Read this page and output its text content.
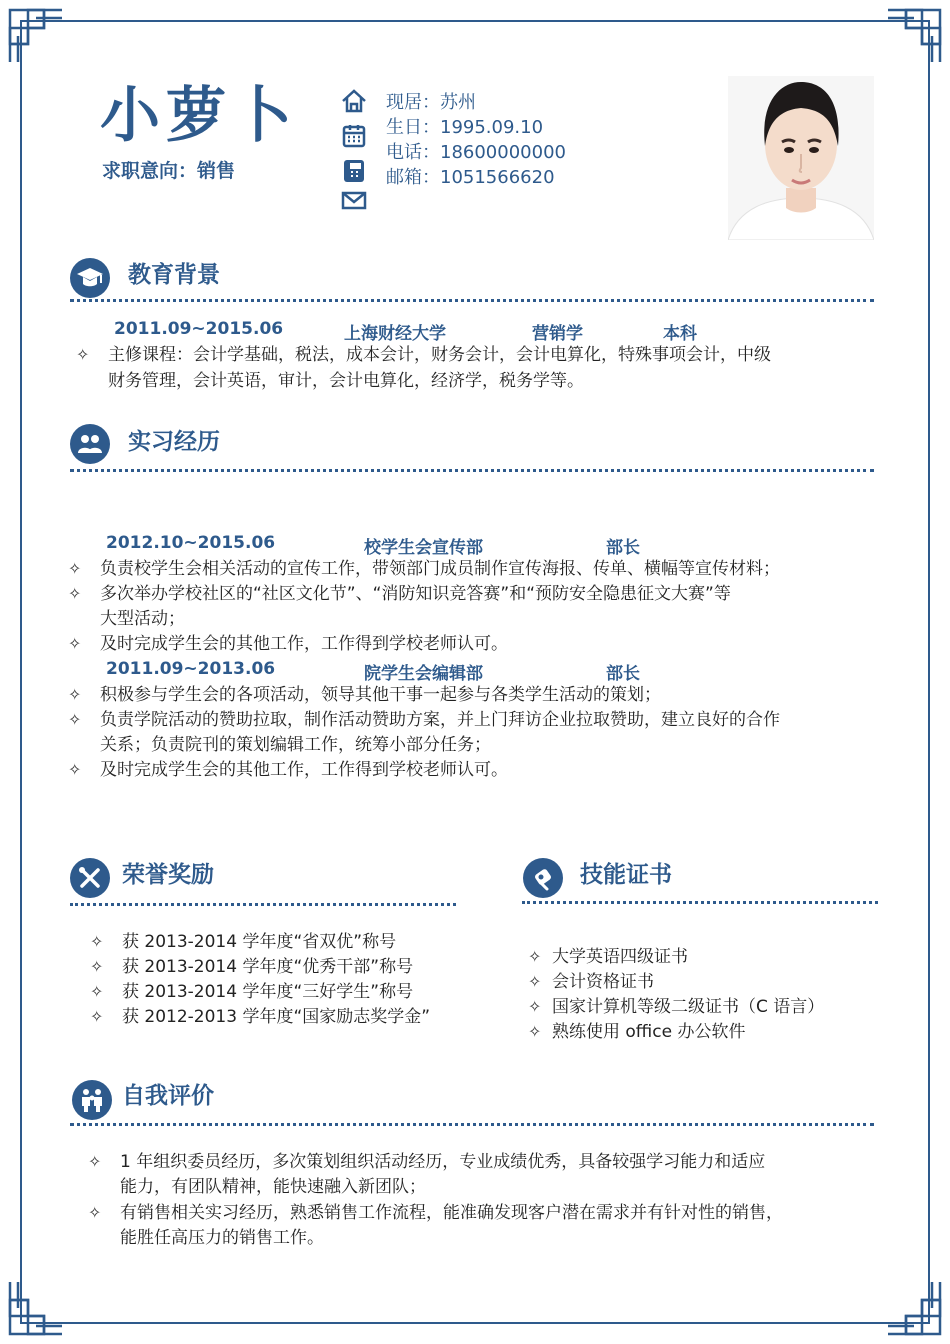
小萝卜
求职意向：销售
现居：苏州
生日：1995.09.10
电话：18600000000
邮箱：1051566620
教育背景
2011.09~2015.06	上海财经大学	营销学	本科
✧ 主修课程：会计学基础，税法，成本会计，财务会计，会计电算化，特殊事项会计，中级
财务管理，会计英语，审计，会计电算化，经济学，税务学等。
实习经历
2012.10~2015.06	校学生会宣传部	部长
✧ 负责校学生会相关活动的宣传工作，带领部门成员制作宣传海报、传单、横幅等宣传材料；
✧ 多次举办学校社区的“社区文化节”、“消防知识竞答赛”和“预防安全隐患征文大赛”等
大型活动；
✧ 及时完成学生会的其他工作，工作得到学校老师认可。
2011.09~2013.06	院学生会编辑部	部长
✧ 积极参与学生会的各项活动，领导其他干事一起参与各类学生活动的策划；
✧ 负责学院活动的赞助拉取，制作活动赞助方案，并上门拜访企业拉取赞助，建立良好的合作
关系；负责院刊的策划编辑工作，统筹小部分任务；
✧ 及时完成学生会的其他工作，工作得到学校老师认可。
荣誉奖励
✧ 获 2013-2014 学年度“省双优”称号
✧ 获 2013-2014 学年度“优秀干部”称号
✧ 获 2013-2014 学年度“三好学生”称号
✧ 获 2012-2013 学年度“国家励志奖学金”
技能证书
✧ 大学英语四级证书
✧ 会计资格证书
✧ 国家计算机等级二级证书（C 语言）
✧ 熟练使用 office 办公软件
自我评价
✧ 1 年组织委员经历，多次策划组织活动经历，专业成绩优秀，具备较强学习能力和适应
能力，有团队精神，能快速融入新团队；
✧ 有销售相关实习经历，熟悉销售工作流程，能准确发现客户潜在需求并有针对性的销售，
能胜任高压力的销售工作。
